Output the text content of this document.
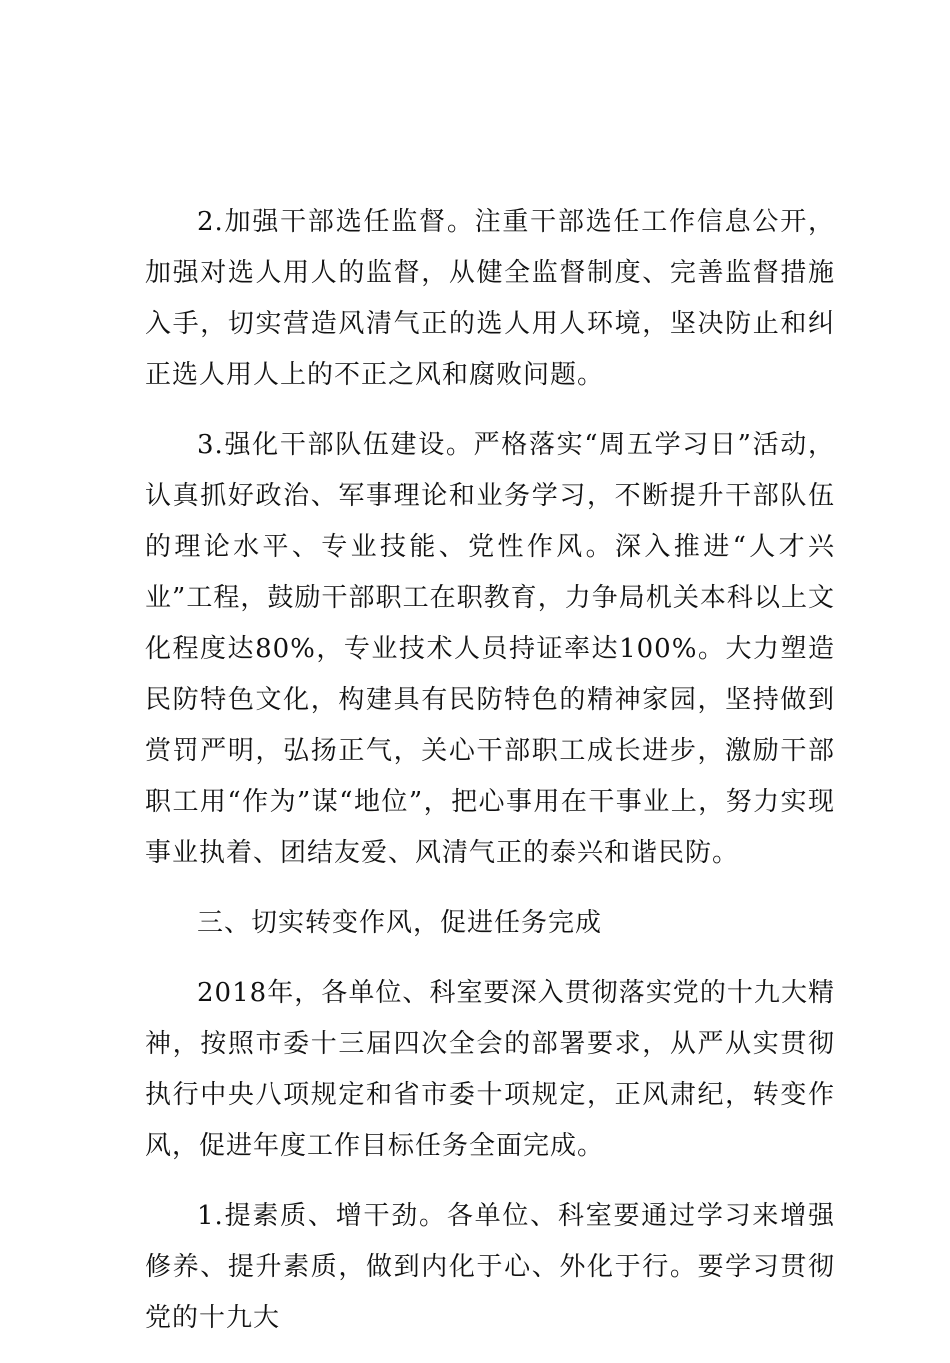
2.加强干部选任监督。注重干部选任工作信息公开，加强对选人用人的监督，从健全监督制度、完善监督措施入手，切实营造风清气正的选人用人环境，坚决防止和纠正选人用人上的不正之风和腐败问题。

3.强化干部队伍建设。严格落实“周五学习日”活动，认真抓好政治、军事理论和业务学习，不断提升干部队伍的理论水平、专业技能、党性作风。深入推进“人才兴业”工程，鼓励干部职工在职教育，力争局机关本科以上文化程度达80%，专业技术人员持证率达100%。大力塑造民防特色文化，构建具有民防特色的精神家园，坚持做到赏罚严明，弘扬正气，关心干部职工成长进步，激励干部职工用“作为”谋“地位”，把心事用在干事业上，努力实现事业执着、团结友爱、风清气正的泰兴和谐民防。

三、切实转变作风，促进任务完成

2018年，各单位、科室要深入贯彻落实党的十九大精神，按照市委十三届四次全会的部署要求，从严从实贯彻执行中央八项规定和省市委十项规定，正风肃纪，转变作风，促进年度工作目标任务全面完成。

1.提素质、增干劲。各单位、科室要通过学习来增强修养、提升素质，做到内化于心、外化于行。要学习贯彻党的十九大
